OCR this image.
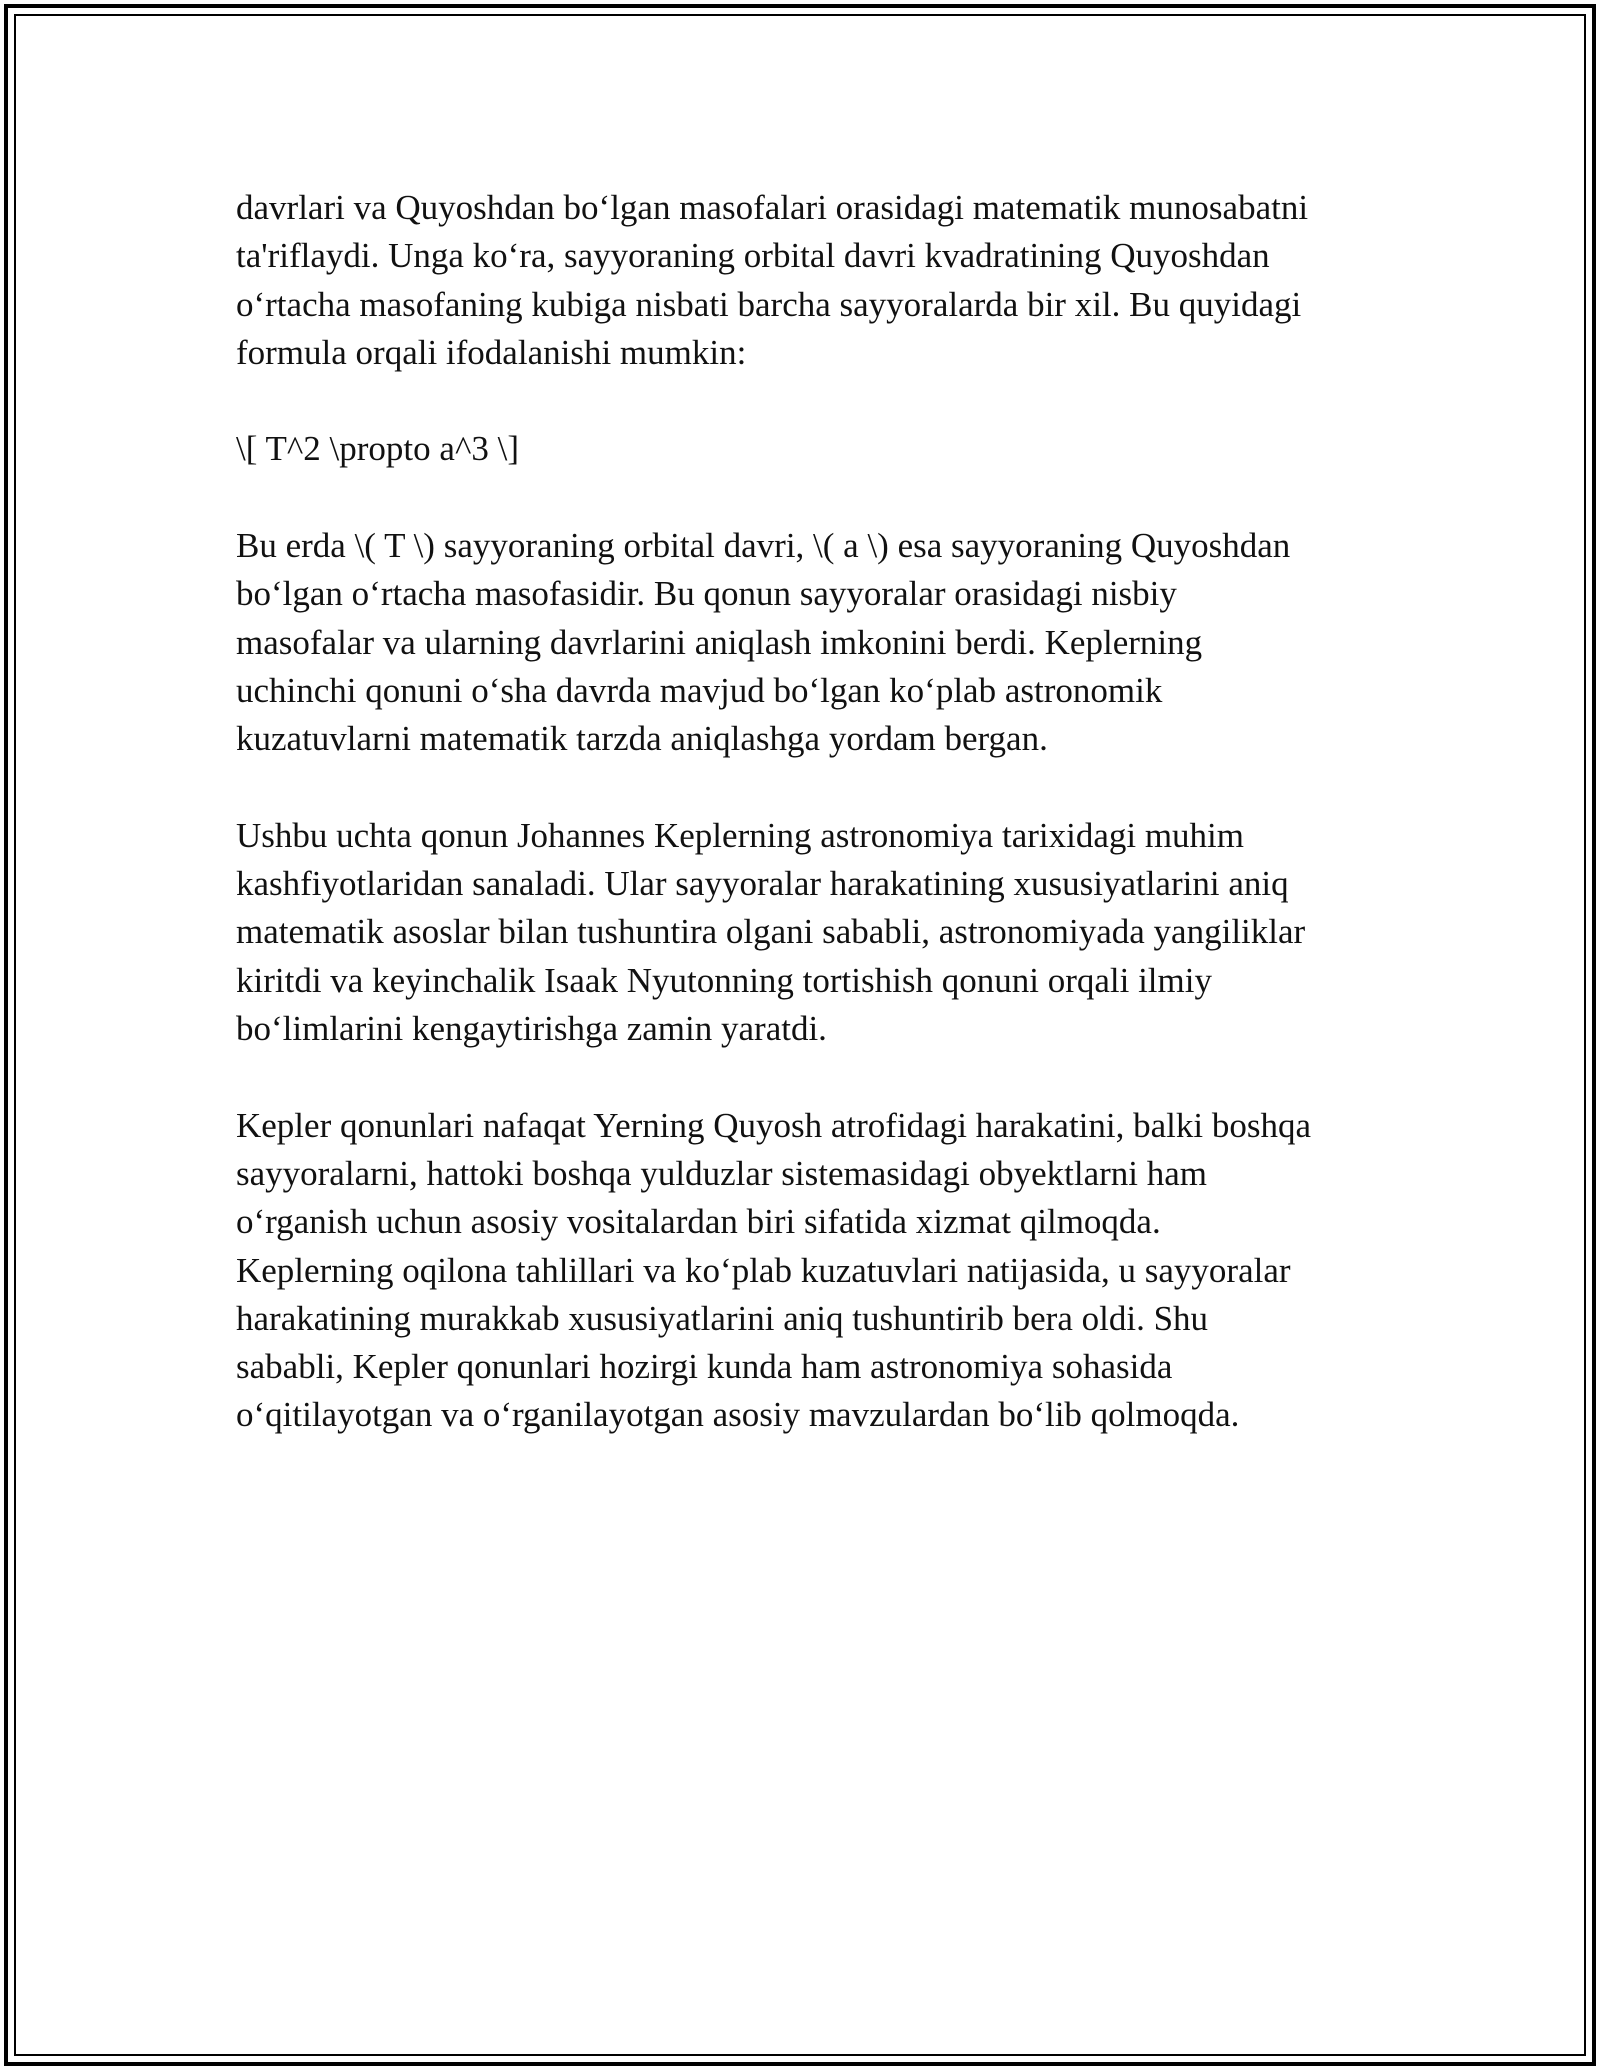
davrlari va Quyoshdan bo‘lgan masofalari orasidagi matematik munosabatni
ta'riflaydi. Unga ko‘ra, sayyoraning orbital davri kvadratining Quyoshdan
o‘rtacha masofaning kubiga nisbati barcha sayyoralarda bir xil. Bu quyidagi
formula orqali ifodalanishi mumkin:

\[ T^2 \propto a^3 \]

Bu erda \( T \) sayyoraning orbital davri, \( a \) esa sayyoraning Quyoshdan
bo‘lgan o‘rtacha masofasidir. Bu qonun sayyoralar orasidagi nisbiy
masofalar va ularning davrlarini aniqlash imkonini berdi. Keplerning
uchinchi qonuni o‘sha davrda mavjud bo‘lgan ko‘plab astronomik
kuzatuvlarni matematik tarzda aniqlashga yordam bergan.

Ushbu uchta qonun Johannes Keplerning astronomiya tarixidagi muhim
kashfiyotlaridan sanaladi. Ular sayyoralar harakatining xususiyatlarini aniq
matematik asoslar bilan tushuntira olgani sababli, astronomiyada yangiliklar
kiritdi va keyinchalik Isaak Nyutonning tortishish qonuni orqali ilmiy
bo‘limlarini kengaytirishga zamin yaratdi.

Kepler qonunlari nafaqat Yerning Quyosh atrofidagi harakatini, balki boshqa
sayyoralarni, hattoki boshqa yulduzlar sistemasidagi obyektlarni ham
o‘rganish uchun asosiy vositalardan biri sifatida xizmat qilmoqda.
Keplerning oqilona tahlillari va ko‘plab kuzatuvlari natijasida, u sayyoralar
harakatining murakkab xususiyatlarini aniq tushuntirib bera oldi. Shu
sababli, Kepler qonunlari hozirgi kunda ham astronomiya sohasida
o‘qitilayotgan va o‘rganilayotgan asosiy mavzulardan bo‘lib qolmoqda.
